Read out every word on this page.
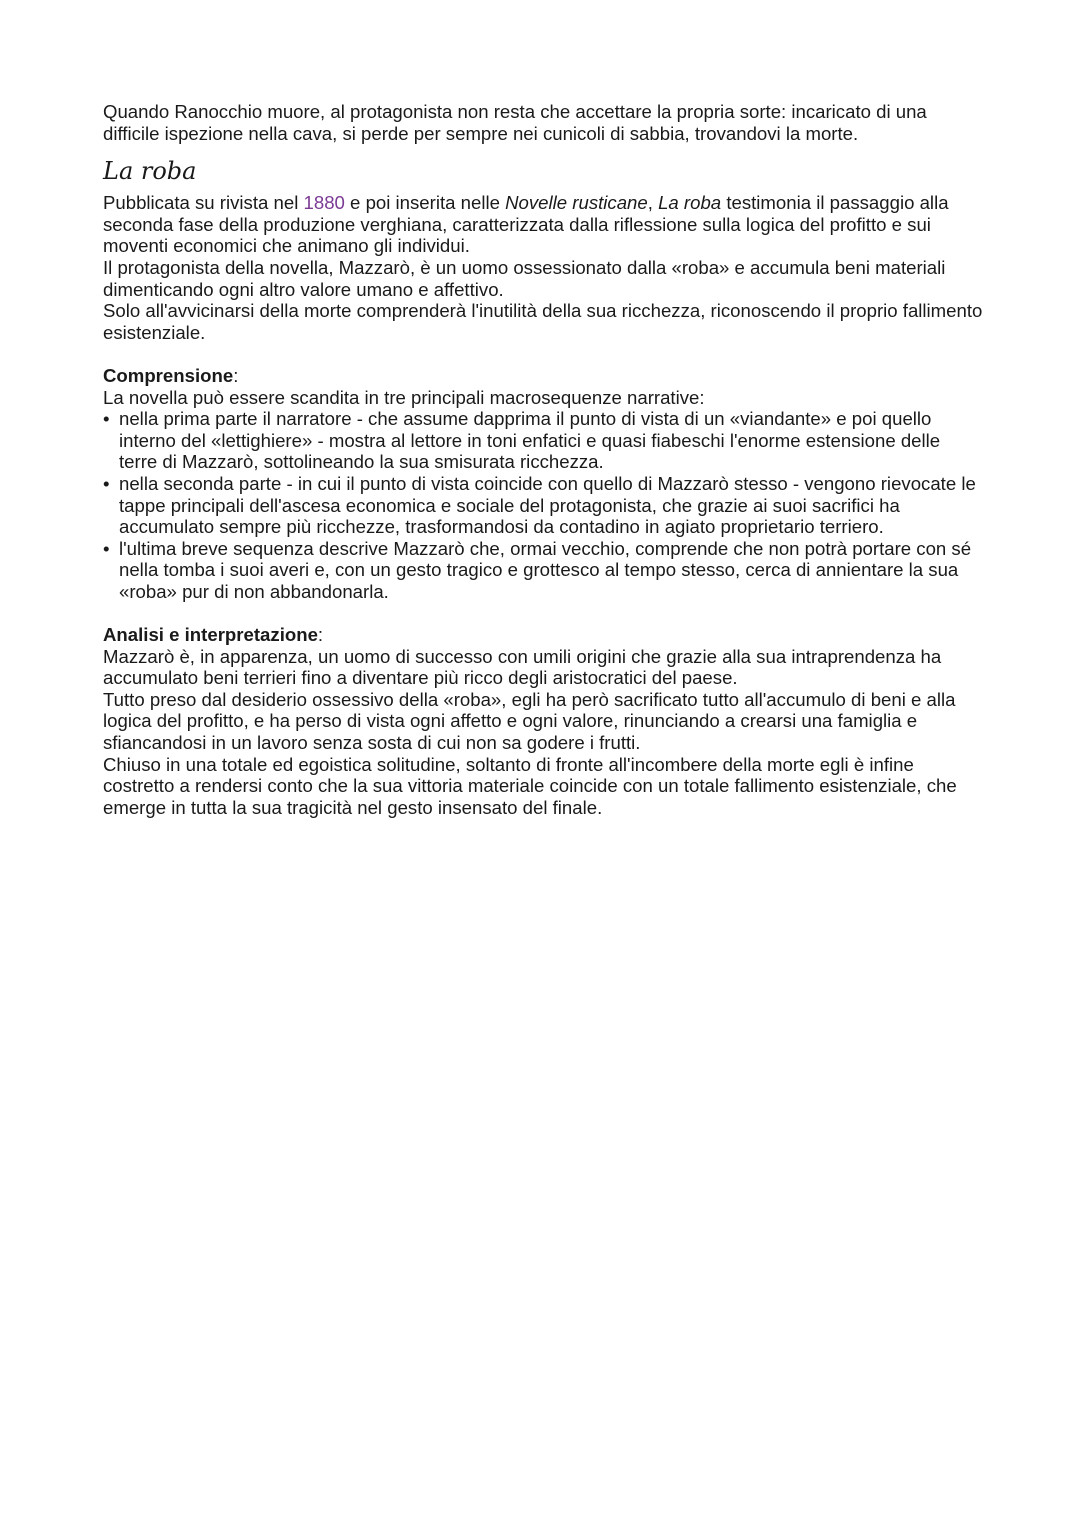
Quando Ranocchio muore, al protagonista non resta che accettare la propria sorte: incaricato di una difficile ispezione nella cava, si perde per sempre nei cunicoli di sabbia, trovandovi la morte.

La roba

Pubblicata su rivista nel 1880 e poi inserita nelle Novelle rusticane, La roba testimonia il passaggio alla seconda fase della produzione verghiana, caratterizzata dalla riflessione sulla logica del profitto e sui moventi economici che animano gli individui.

Il protagonista della novella, Mazzarò, è un uomo ossessionato dalla «roba» e accumula beni materiali dimenticando ogni altro valore umano e affettivo.

Solo all'avvicinarsi della morte comprenderà l'inutilità della sua ricchezza, riconoscendo il proprio fallimento esistenziale.

Comprensione:

La novella può essere scandita in tre principali macrosequenze narrative:

• nella prima parte il narratore - che assume dapprima il punto di vista di un «viandante» e poi quello interno del «lettighiere» - mostra al lettore in toni enfatici e quasi fiabeschi l'enorme estensione delle terre di Mazzarò, sottolineando la sua smisurata ricchezza.
• nella seconda parte - in cui il punto di vista coincide con quello di Mazzarò stesso - vengono rievocate le tappe principali dell'ascesa economica e sociale del protagonista, che grazie ai suoi sacrifici ha accumulato sempre più ricchezze, trasformandosi da contadino in agiato proprietario terriero.
• l'ultima breve sequenza descrive Mazzarò che, ormai vecchio, comprende che non potrà portare con sé nella tomba i suoi averi e, con un gesto tragico e grottesco al tempo stesso, cerca di annientare la sua «roba» pur di non abbandonarla.

Analisi e interpretazione:

Mazzarò è, in apparenza, un uomo di successo con umili origini che grazie alla sua intraprendenza ha accumulato beni terrieri fino a diventare più ricco degli aristocratici del paese.

Tutto preso dal desiderio ossessivo della «roba», egli ha però sacrificato tutto all'accumulo di beni e alla logica del profitto, e ha perso di vista ogni affetto e ogni valore, rinunciando a crearsi una famiglia e sfiancandosi in un lavoro senza sosta di cui non sa godere i frutti.

Chiuso in una totale ed egoistica solitudine, soltanto di fronte all'incombere della morte egli è infine costretto a rendersi conto che la sua vittoria materiale coincide con un totale fallimento esistenziale, che emerge in tutta la sua tragicità nel gesto insensato del finale.
